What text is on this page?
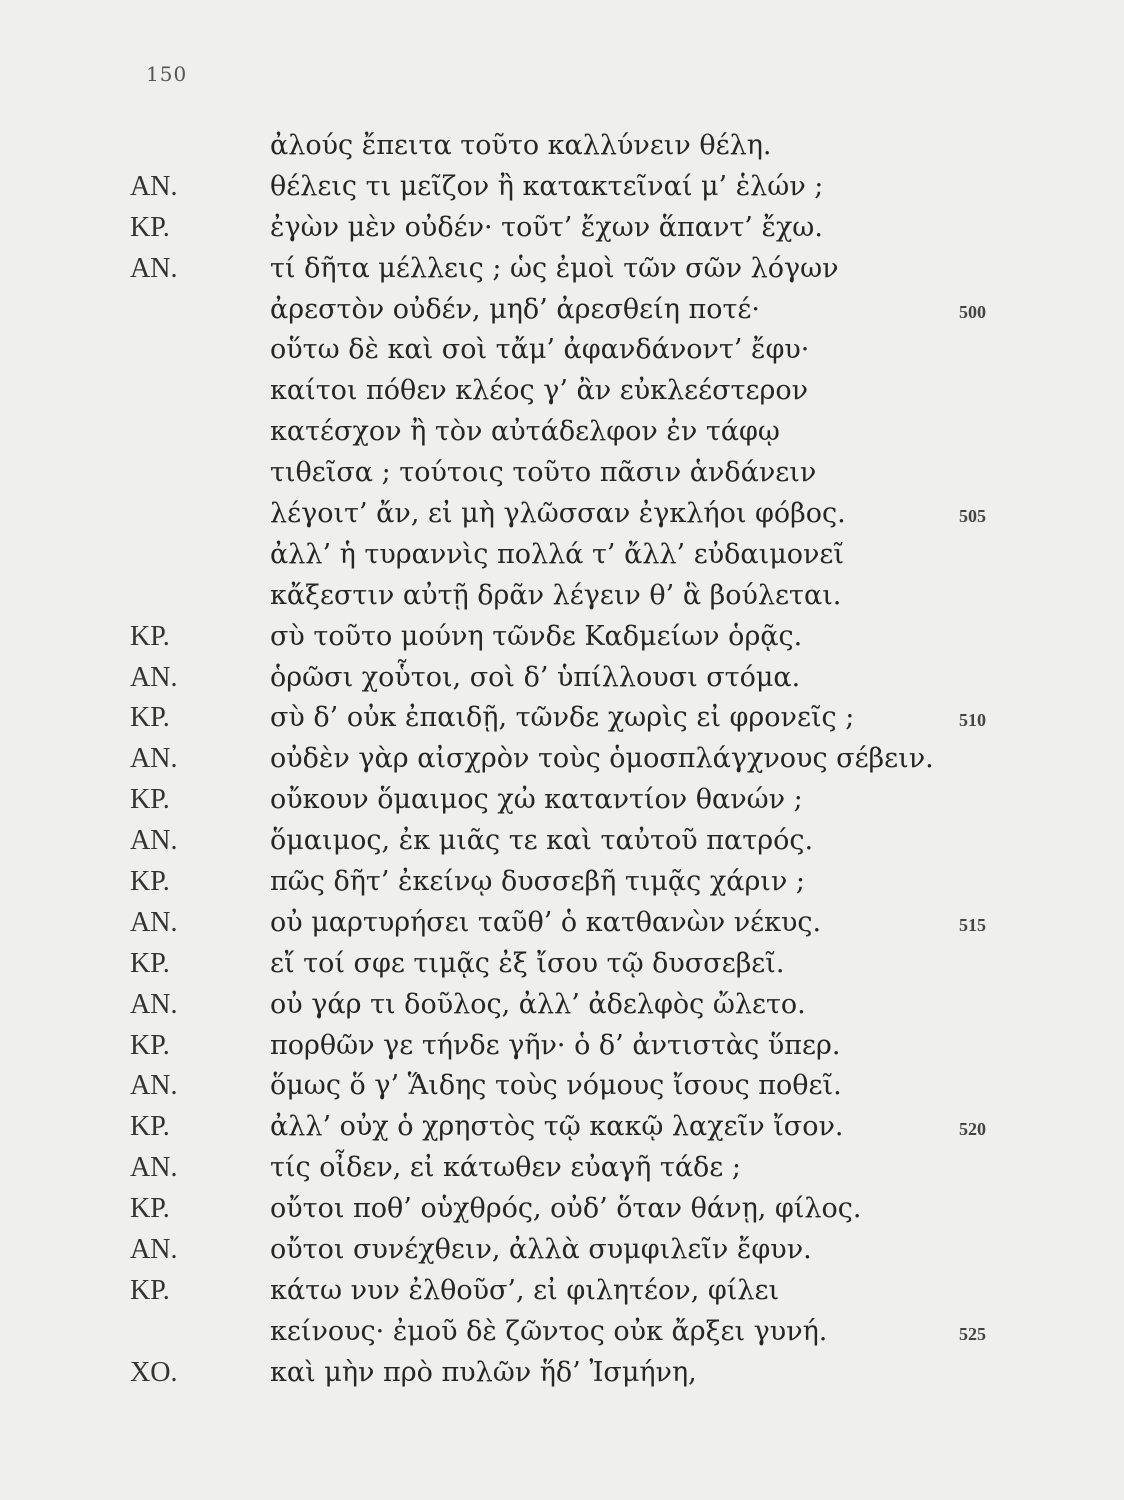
150
ἀλούς ἔπειτα τοῦτο καλλύνειν θέλη.
AN.	θέλεις τι μεῖζον ἢ κατακτεῖναί μ’ ἑλών ;
KP.	ἐγὼν μὲν οὐδέν· τοῦτ’ ἔχων ἅπαντ’ ἔχω.
AN.	τί δῆτα μέλλεις ; ὡς ἐμοὶ τῶν σῶν λόγων
ἀρεστὸν οὐδέν, μηδ’ ἀρεσθείη ποτέ·	500
οὕτω δὲ καὶ σοὶ τἄμ’ ἀφανδάνοντ’ ἔφυ·
καίτοι πόθεν κλέος γ’ ἂν εὐκλεέστερον
κατέσχον ἢ τὸν αὐτάδελφον ἐν τάφῳ
τιθεῖσα ; τούτοις τοῦτο πᾶσιν ἁνδάνειν
λέγοιτ’ ἄν, εἰ μὴ γλῶσσαν ἐγκλήοι φόβος.	505
ἀλλ’ ἡ τυραννὶς πολλά τ’ ἄλλ’ εὐδαιμονεῖ
κἄξεστιν αὐτῇ δρᾶν λέγειν θ’ ἃ βούλεται.
KP.	σὺ τοῦτο μούνη τῶνδε Καδμείων ὁρᾷς.
AN.	ὁρῶσι χοὗτοι, σοὶ δ’ ὑπίλλουσι στόμα.
KP.	σὺ δ’ οὐκ ἐπαιδῇ, τῶνδε χωρὶς εἰ φρονεῖς ;	510
AN.	οὐδὲν γὰρ αἰσχρὸν τοὺς ὁμοσπλάγχνους σέβειν.
KP.	οὔκουν ὅμαιμος χὠ καταντίον θανών ;
AN.	ὅμαιμος, ἐκ μιᾶς τε καὶ ταὐτοῦ πατρός.
KP.	πῶς δῆτ’ ἐκείνῳ δυσσεβῆ τιμᾷς χάριν ;
AN.	οὐ μαρτυρήσει ταῦθ’ ὁ κατθανὼν νέκυς.	515
KP.	εἴ τοί σφε τιμᾷς ἐξ ἴσου τῷ δυσσεβεῖ.
AN.	οὐ γάρ τι δοῦλος, ἀλλ’ ἀδελφὸς ὤλετο.
KP.	πορθῶν γε τήνδε γῆν· ὁ δ’ ἀντιστὰς ὕπερ.
AN.	ὅμως ὅ γ’ Ἅιδης τοὺς νόμους ἴσους ποθεῖ.
KP.	ἀλλ’ οὐχ ὁ χρηστὸς τῷ κακῷ λαχεῖν ἴσον.	520
AN.	τίς οἶδεν, εἰ κάτωθεν εὐαγῆ τάδε ;
KP.	οὔτοι ποθ’ οὑχθρός, οὐδ’ ὅταν θάνῃ, φίλος.
AN.	οὔτοι συνέχθειν, ἀλλὰ συμφιλεῖν ἔφυν.
KP.	κάτω νυν ἐλθοῦσ’, εἰ φιλητέον, φίλει
κείνους· ἐμοῦ δὲ ζῶντος οὐκ ἄρξει γυνή.	525
XO.	καὶ μὴν πρὸ πυλῶν ἥδ’ Ἰσμήνη,
